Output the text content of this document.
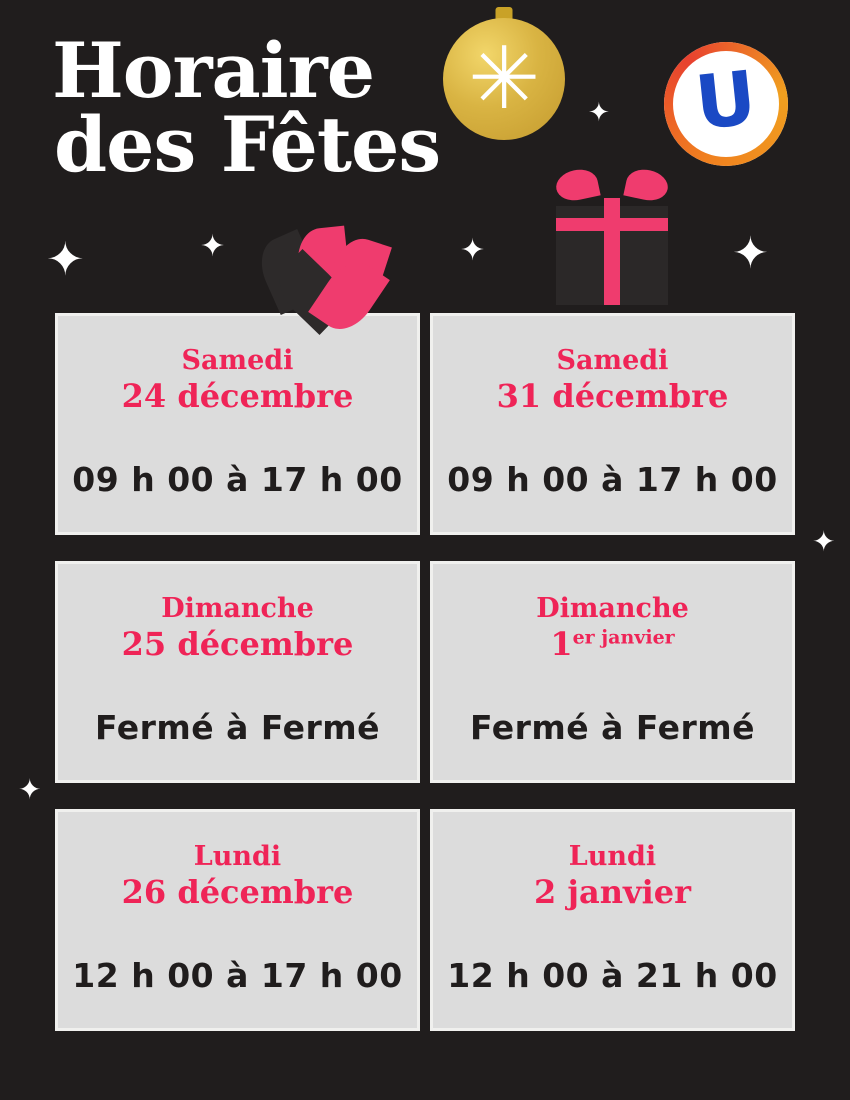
Horaire
des Fêtes
✳	U
✦	✦	✦
✦
✦
✦
✦
Samedi
24 décembre
09 h 00 à 17 h 00
Samedi
31 décembre
09 h 00 à 17 h 00
Dimanche
25 décembre
Fermé à Fermé
Dimanche
$1^{er janvier}$
Fermé à Fermé
Lundi
26 décembre
12 h 00 à 17 h 00
Lundi
2 janvier
12 h 00 à 21 h 00
